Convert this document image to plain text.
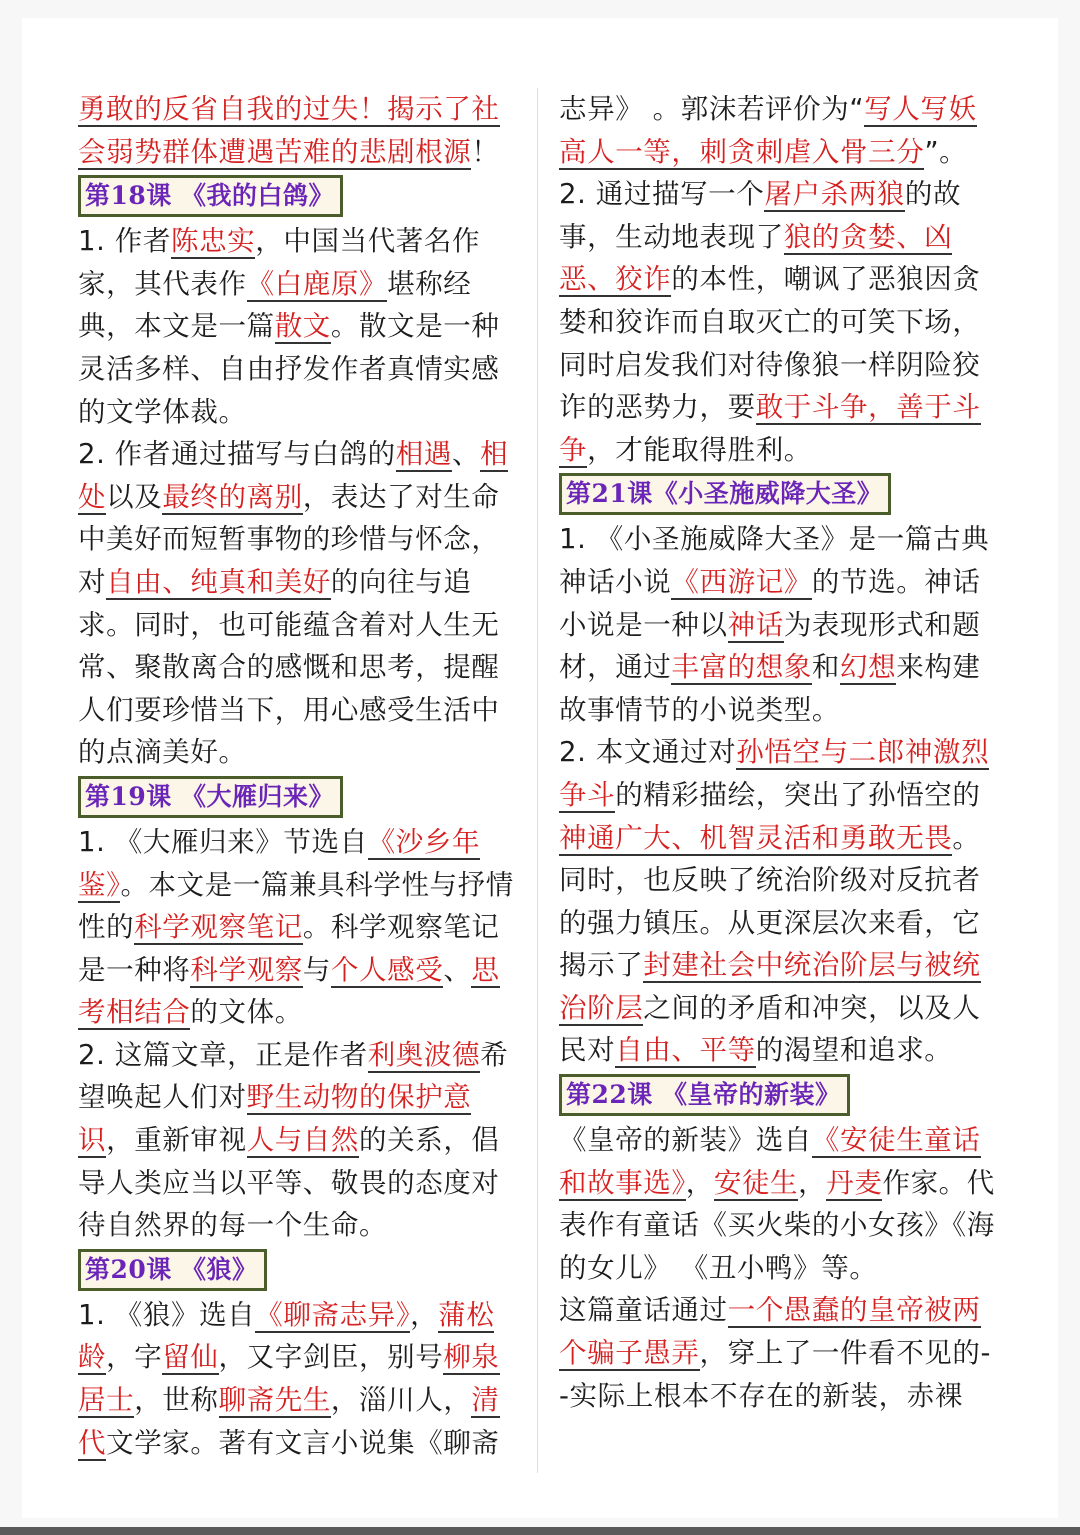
勇敢的反省自我的过失！揭示了社会弱势群体遭遇苦难的悲剧根源！

第18课 《我的白鸽》

1. 作者陈忠实，中国当代著名作家，其代表作《白鹿原》堪称经典，本文是一篇散文。散文是一种灵活多样、自由抒发作者真情实感的文学体裁。

2. 作者通过描写与白鸽的相遇、相处以及最终的离别，表达了对生命中美好而短暂事物的珍惜与怀念，对自由、纯真和美好的向往与追求。同时，也可能蕴含着对人生无常、聚散离合的感慨和思考，提醒人们要珍惜当下，用心感受生活中的点滴美好。

第19课 《大雁归来》

1. 《大雁归来》节选自《沙乡年鉴》。本文是一篇兼具科学性与抒情性的科学观察笔记。科学观察笔记是一种将科学观察与个人感受、思考相结合的文体。

2. 这篇文章，正是作者利奥波德希望唤起人们对野生动物的保护意识，重新审视人与自然的关系，倡导人类应当以平等、敬畏的态度对待自然界的每一个生命。

第20课 《狼》

1. 《狼》选自《聊斋志异》，蒲松龄，字留仙，又字剑臣，别号柳泉居士，世称聊斋先生，淄川人，清代文学家。著有文言小说集《聊斋

志异》 。郭沫若评价为“写人写妖高人一等，刺贪刺虐入骨三分”。

2. 通过描写一个屠户杀两狼的故事，生动地表现了狼的贪婪、凶恶、狡诈的本性，嘲讽了恶狼因贪婪和狡诈而自取灭亡的可笑下场，同时启发我们对待像狼一样阴险狡诈的恶势力，要敢于斗争，善于斗争，才能取得胜利。

第21课《小圣施威降大圣》

1. 《小圣施威降大圣》是一篇古典神话小说《西游记》的节选。神话小说是一种以神话为表现形式和题材，通过丰富的想象和幻想来构建故事情节的小说类型。

2. 本文通过对孙悟空与二郎神激烈争斗的精彩描绘，突出了孙悟空的神通广大、机智灵活和勇敢无畏。同时，也反映了统治阶级对反抗者的强力镇压。从更深层次来看，它揭示了封建社会中统治阶层与被统治阶层之间的矛盾和冲突，以及人民对自由、平等的渴望和追求。

第22课 《皇帝的新装》

《皇帝的新装》选自《安徒生童话和故事选》，安徒生，丹麦作家。代表作有童话《买火柴的小女孩》《海的女儿》 《丑小鸭》等。

这篇童话通过一个愚蠢的皇帝被两个骗子愚弄，穿上了一件看不见的--实际上根本不存在的新装，赤裸
